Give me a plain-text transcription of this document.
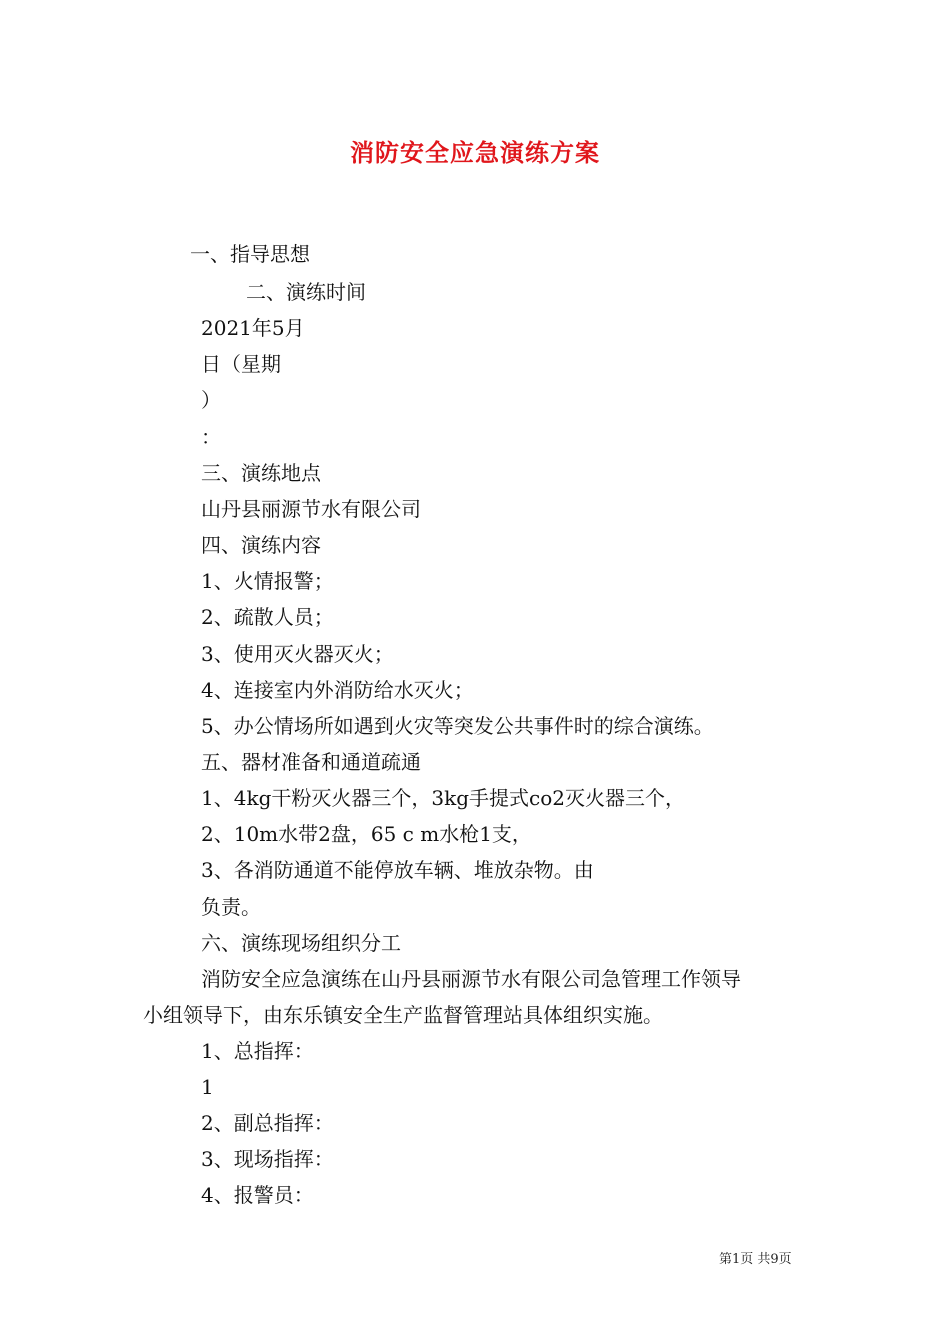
消防安全应急演练方案
一、指导思想
二、演练时间
2021年5月
日（星期
）
：
三、演练地点
山丹县丽源节水有限公司
四、演练内容
1、火情报警；
2、疏散人员；
3、使用灭火器灭火；
4、连接室内外消防给水灭火；
5、办公情场所如遇到火灾等突发公共事件时的综合演练。
五、器材准备和通道疏通
1、4kg干粉灭火器三个，3kg手提式co2灭火器三个，
2、10m水带2盘，65 c m水枪1支，
3、各消防通道不能停放车辆、堆放杂物。由
负责。
六、演练现场组织分工
消防安全应急演练在山丹县丽源节水有限公司急管理工作领导
小组领导下，由东乐镇安全生产监督管理站具体组织实施。
1、总指挥：
1
2、副总指挥：
3、现场指挥：
4、报警员：
第1页 共9页
